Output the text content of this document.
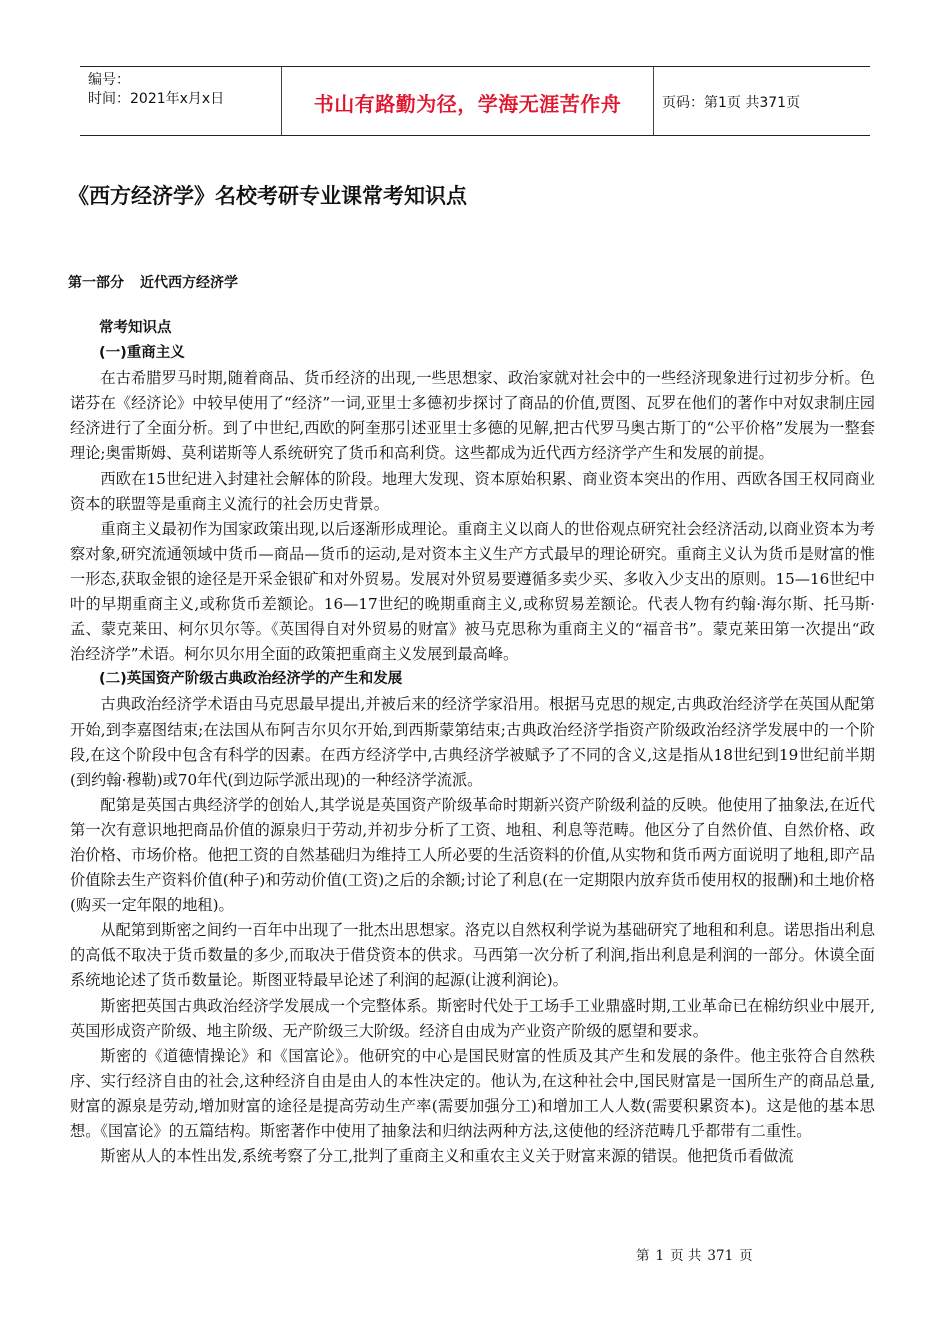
编号：
时间：2021年x月x日	书山有路勤为径，学海无涯苦作舟	页码：第1页 共371页
《西方经济学》名校考研专业课常考知识点
第一部分 近代西方经济学

常考知识点

(一)重商主义

在古希腊罗马时期,随着商品、货币经济的出现,一些思想家、政治家就对社会中的一些经济现象进行过初步分析。色诺芬在《经济论》中较早使用了“经济”一词,亚里士多德初步探讨了商品的价值,贾图、瓦罗在他们的著作中对奴隶制庄园经济进行了全面分析。到了中世纪,西欧的阿奎那引述亚里士多德的见解,把古代罗马奥古斯丁的“公平价格”发展为一整套理论;奥雷斯姆、莫利诺斯等人系统研究了货币和高利贷。这些都成为近代西方经济学产生和发展的前提。

西欧在15世纪进入封建社会解体的阶段。地理大发现、资本原始积累、商业资本突出的作用、西欧各国王权同商业资本的联盟等是重商主义流行的社会历史背景。

重商主义最初作为国家政策出现,以后逐渐形成理论。重商主义以商人的世俗观点研究社会经济活动,以商业资本为考察对象,研究流通领域中货币—商品—货币的运动,是对资本主义生产方式最早的理论研究。重商主义认为货币是财富的惟一形态,获取金银的途径是开采金银矿和对外贸易。发展对外贸易要遵循多卖少买、多收入少支出的原则。15—16世纪中叶的早期重商主义,或称货币差额论。16—17世纪的晚期重商主义,或称贸易差额论。代表人物有约翰·海尔斯、托马斯·孟、蒙克莱田、柯尔贝尔等。《英国得自对外贸易的财富》被马克思称为重商主义的“福音书”。蒙克莱田第一次提出“政治经济学”术语。柯尔贝尔用全面的政策把重商主义发展到最高峰。

(二)英国资产阶级古典政治经济学的产生和发展

古典政治经济学术语由马克思最早提出,并被后来的经济学家沿用。根据马克思的规定,古典政治经济学在英国从配第开始,到李嘉图结束;在法国从布阿吉尔贝尔开始,到西斯蒙第结束;古典政治经济学指资产阶级政治经济学发展中的一个阶段,在这个阶段中包含有科学的因素。在西方经济学中,古典经济学被赋予了不同的含义,这是指从18世纪到19世纪前半期(到约翰·穆勒)或70年代(到边际学派出现)的一种经济学流派。

配第是英国古典经济学的创始人,其学说是英国资产阶级革命时期新兴资产阶级利益的反映。他使用了抽象法,在近代第一次有意识地把商品价值的源泉归于劳动,并初步分析了工资、地租、利息等范畴。他区分了自然价值、自然价格、政治价格、市场价格。他把工资的自然基础归为维持工人所必要的生活资料的价值,从实物和货币两方面说明了地租,即产品价值除去生产资料价值(种子)和劳动价值(工资)之后的余额;讨论了利息(在一定期限内放弃货币使用权的报酬)和土地价格(购买一定年限的地租)。

从配第到斯密之间约一百年中出现了一批杰出思想家。洛克以自然权利学说为基础研究了地租和利息。诺思指出利息的高低不取决于货币数量的多少,而取决于借贷资本的供求。马西第一次分析了利润,指出利息是利润的一部分。休谟全面系统地论述了货币数量论。斯图亚特最早论述了利润的起源(让渡利润论)。

斯密把英国古典政治经济学发展成一个完整体系。斯密时代处于工场手工业鼎盛时期,工业革命已在棉纺织业中展开,英国形成资产阶级、地主阶级、无产阶级三大阶级。经济自由成为产业资产阶级的愿望和要求。

斯密的《道德情操论》和《国富论》。他研究的中心是国民财富的性质及其产生和发展的条件。他主张符合自然秩序、实行经济自由的社会,这种经济自由是由人的本性决定的。他认为,在这种社会中,国民财富是一国所生产的商品总量,财富的源泉是劳动,增加财富的途径是提高劳动生产率(需要加强分工)和增加工人人数(需要积累资本)。这是他的基本思想。《国富论》的五篇结构。斯密著作中使用了抽象法和归纳法两种方法,这使他的经济范畴几乎都带有二重性。

斯密从人的本性出发,系统考察了分工,批判了重商主义和重农主义关于财富来源的错误。他把货币看做流

第 1 页 共 371 页
